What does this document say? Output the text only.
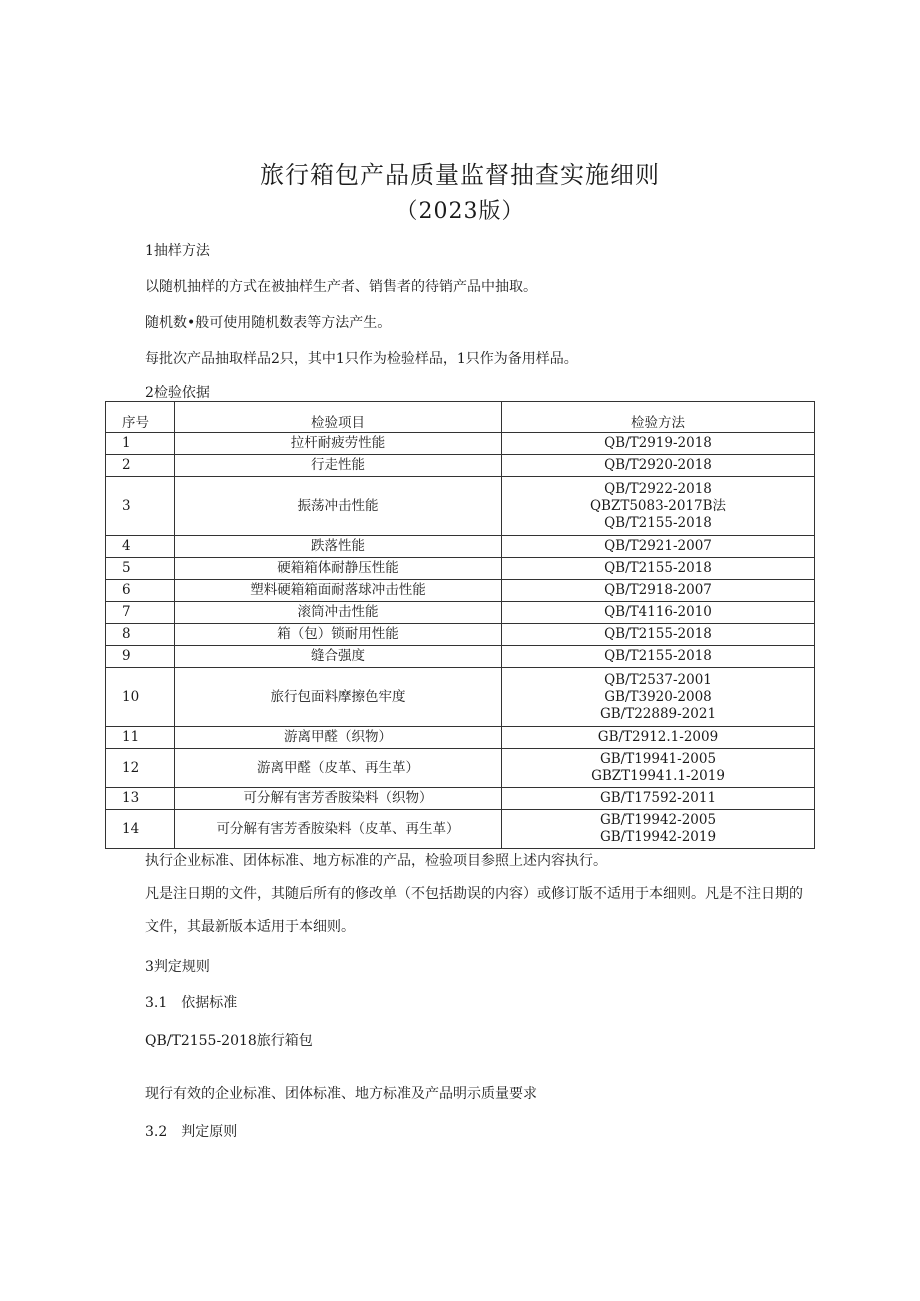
旅行箱包产品质量监督抽查实施细则
（2023版）
1抽样方法
以随机抽样的方式在被抽样生产者、销售者的待销产品中抽取。
随机数•般可使用随机数表等方法产生。
每批次产品抽取样品2只，其中1只作为检验样品，1只作为备用样品。
2检验依据
序号	检验项目	检验方法
1	拉杆耐疲劳性能	QB/T2919-2018

2	行走性能	QB/T2920-2018

3	振荡冲击性能	QB/T2922-2018
QBZT5083-2017B法
QB/T2155-2018

4	跌落性能	QB/T2921-2007

5	硬箱箱体耐静压性能	QB/T2155-2018

6	塑料硬箱箱面耐落球冲击性能	QB/T2918-2007

7	滚筒冲击性能	QB/T4116-2010

8	箱（包）锁耐用性能	QB/T2155-2018

9	缝合强度	QB/T2155-2018

10	旅行包面料摩擦色牢度	QB/T2537-2001
GB/T3920-2008
GB/T22889-2021

11	游离甲醛（织物）	GB/T2912.1-2009

12	游离甲醛（皮革、再生革）	GB/T19941-2005
GBZT19941.1-2019

13	可分解有害芳香胺染料（织物）	GB/T17592-2011

14	可分解有害芳香胺染料（皮革、再生革）	GB/T19942-2005
GB/T19942-2019
执行企业标准、团体标准、地方标准的产品，检验项目参照上述内容执行。
凡是注日期的文件，其随后所有的修改单（不包括勘误的内容）或修订版不适用于本细则。凡是不注日期的文件，其最新版本适用于本细则。
3判定规则
3.1　依据标准
QB/T2155-2018旅行箱包
现行有效的企业标准、团体标准、地方标准及产品明示质量要求
3.2　判定原则
